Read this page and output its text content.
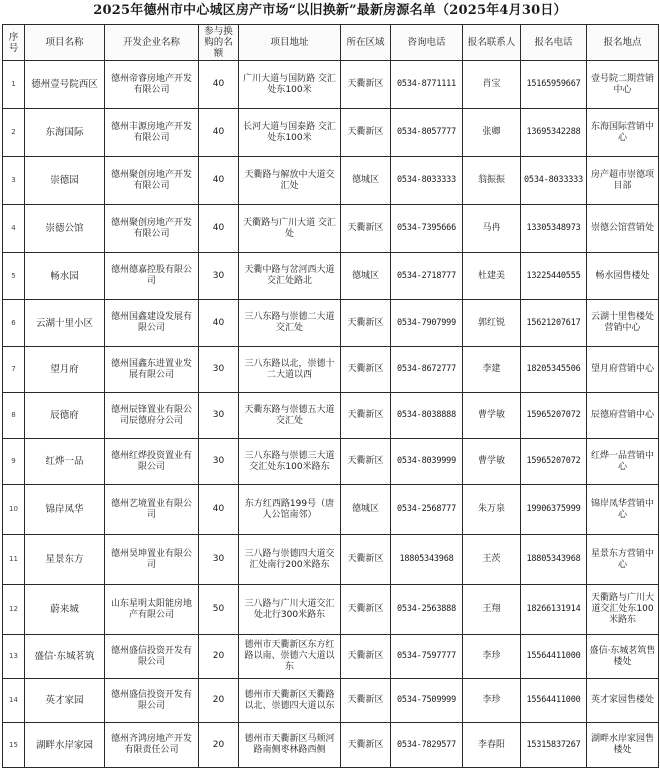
2025年德州市中心城区房产市场“以旧换新”最新房源名单（2025年4月30日）
序号	项目名称	开发企业名称	参与换购的名额	项目地址	所在区域	咨询电话	报名联系人	报名电话	报名地点
1	德州壹号院西区	德州帝睿房地产开发有限公司	40	广川大道与国防路 交汇处东100米	天衢新区	0534-8771111	肖宝	15165959667	壹号院二期营销中心
2	东海国际	德州丰源房地产开发有限公司	40	长河大道与国泰路 交汇处东100米	天衢新区	0534-8057777	张卿	13695342288	东海国际营销中心
3	崇德园	德州聚创房地产开发有限公司	40	天衢路与解放中大道交汇处	德城区	0534-8033333	翁振振	0534-8033333	房产超市崇德项目部
4	崇德公馆	德州聚创房地产开发有限公司	40	天衢路与广川大道 交汇处	天衢新区	0534-7395666	马冉	13305348973	崇德公馆营销处
5	畅水园	德州德嘉控股有限公司	30	天衢中路与岔河西大道交汇处路北	德城区	0534-2718777	杜建美	13225440555	畅水园售楼处
6	云湖十里小区	德州国鑫建设发展有限公司	40	三八东路与崇德二大道交汇处	天衢新区	0534-7907999	郭红锐	15621207617	云湖十里售楼处营销中心
7	望月府	德州国鑫东进置业发展有限公司	30	三八东路以北，崇德十二大道以西	天衢新区	0534-8672777	李建	18205345506	望月府营销中心
8	辰德府	德州辰锋置业有限公司辰德府分公司	30	天衢东路与崇德五大道交汇处	天衢新区	0534-8038888	曹学敏	15965207072	辰德府营销中心
9	红烨一品	德州红烨投资置业有限公司	30	三八东路与崇德三大道交汇处东100米路东	天衢新区	0534-8039999	曹学敏	15965207072	红烨一品营销中心
10	锦岸凤华	德州艺境置业有限公司	40	东方红西路199号（唐人公馆南邻）	德城区	0534-2568777	朱万泉	19906375999	锦岸凤华营销中心
11	星景东方	德州昊坤置业有限公司	30	三八路与崇德四大道交汇处南行200米路东	天衢新区	18805343968	王茨	18805343968	星景东方营销中心
12	蔚来城	山东星明太阳能房地产有限公司	50	三八路与广川大道交汇处北行300米路东	天衢新区	0534-2563888	王翔	18266131914	天衢路与广川大道交汇处东100米路东
13	盛信·东城茗筑	德州盛信投资开发有限公司	20	德州市天衢新区东方红路以南、崇德六大道以东	天衢新区	0534-7597777	李珍	15564411000	盛信·东城茗筑售楼处
14	英才家园	德州盛信投资开发有限公司	20	德州市天衢新区天衢路以北、崇德四大道以东	天衢新区	0534-7509999	李珍	15564411000	英才家园售楼处
15	湖畔水岸家园	德州齐鸿房地产开发有限责任公司	20	德州市天衢新区马颊河路南侧枣林路西侧	天衢新区	0534-7829577	李春阳	15315837267	湖畔水岸家园售楼处
